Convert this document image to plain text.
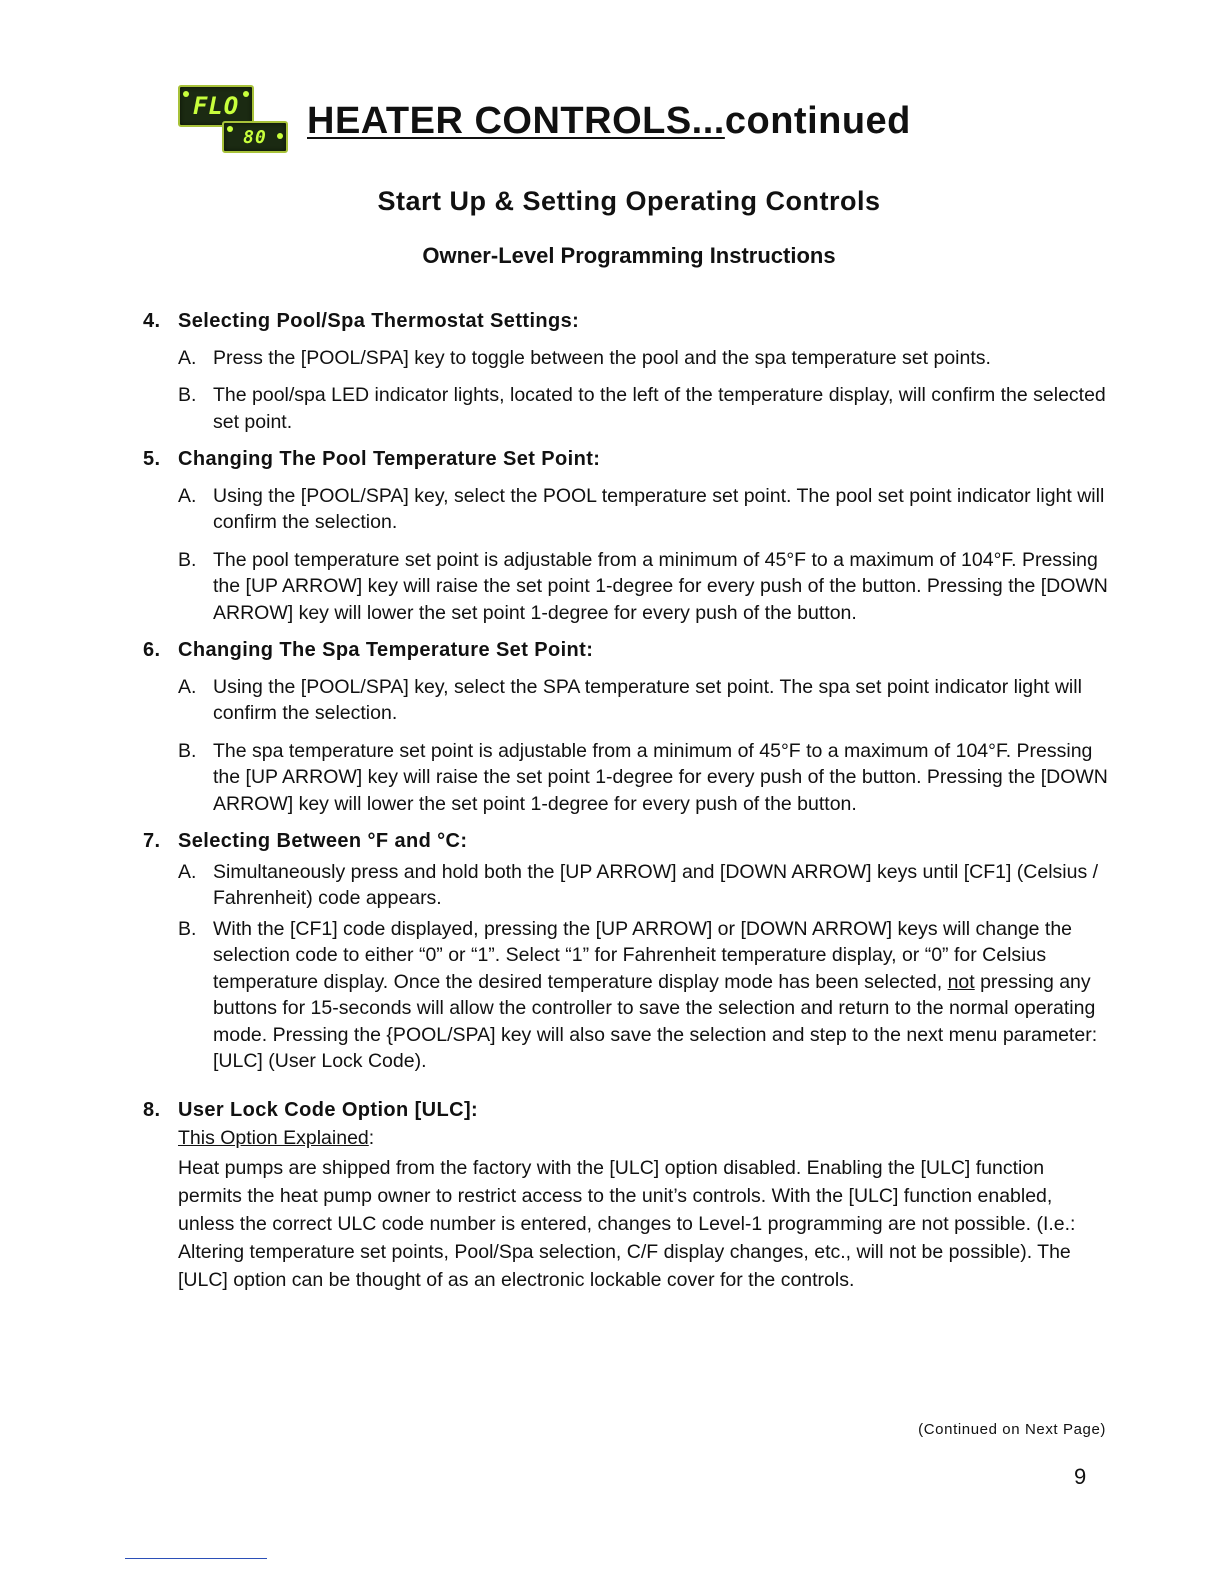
FLO
80 HEATER CONTROLS...continued
Start Up & Setting Operating Controls
Owner-Level Programming Instructions
4. Selecting Pool/Spa Thermostat Settings:
A. Press the [POOL/SPA] key to toggle between the pool and the spa temperature set points.
B. The pool/spa LED indicator lights, located to the left of the temperature display, will confirm the selected set point.
5. Changing The Pool Temperature Set Point:
A. Using the [POOL/SPA] key, select the POOL temperature set point. The pool set point indicator light will confirm the selection.
B. The pool temperature set point is adjustable from a minimum of 45°F to a maximum of 104°F. Pressing the [UP ARROW] key will raise the set point 1-degree for every push of the button. Pressing the [DOWN ARROW] key will lower the set point 1-degree for every push of the button.
6. Changing The Spa Temperature Set Point:
A. Using the [POOL/SPA] key, select the SPA temperature set point. The spa set point indicator light will confirm the selection.
B. The spa temperature set point is adjustable from a minimum of 45°F to a maximum of 104°F. Pressing the [UP ARROW] key will raise the set point 1-degree for every push of the button. Pressing the [DOWN ARROW] key will lower the set point 1-degree for every push of the button.
7. Selecting Between °F and °C:
A. Simultaneously press and hold both the [UP ARROW] and [DOWN ARROW] keys until [CF1] (Celsius / Fahrenheit) code appears.
B. With the [CF1] code displayed, pressing the [UP ARROW] or [DOWN ARROW] keys will change the selection code to either “0” or “1”. Select “1” for Fahrenheit temperature display, or “0” for Celsius temperature display. Once the desired temperature display mode has been selected, not pressing any buttons for 15-seconds will allow the controller to save the selection and return to the normal operating mode. Pressing the {POOL/SPA] key will also save the selection and step to the next menu parameter: [ULC] (User Lock Code).
8. User Lock Code Option [ULC]:
This Option Explained:
Heat pumps are shipped from the factory with the [ULC] option disabled. Enabling the [ULC] function permits the heat pump owner to restrict access to the unit’s controls. With the [ULC] function enabled, unless the correct ULC code number is entered, changes to Level-1 programming are not possible. (I.e.: Altering temperature set points, Pool/Spa selection, C/F display changes, etc., will not be possible). The [ULC] option can be thought of as an electronic lockable cover for the controls.
(Continued on Next Page)
9
